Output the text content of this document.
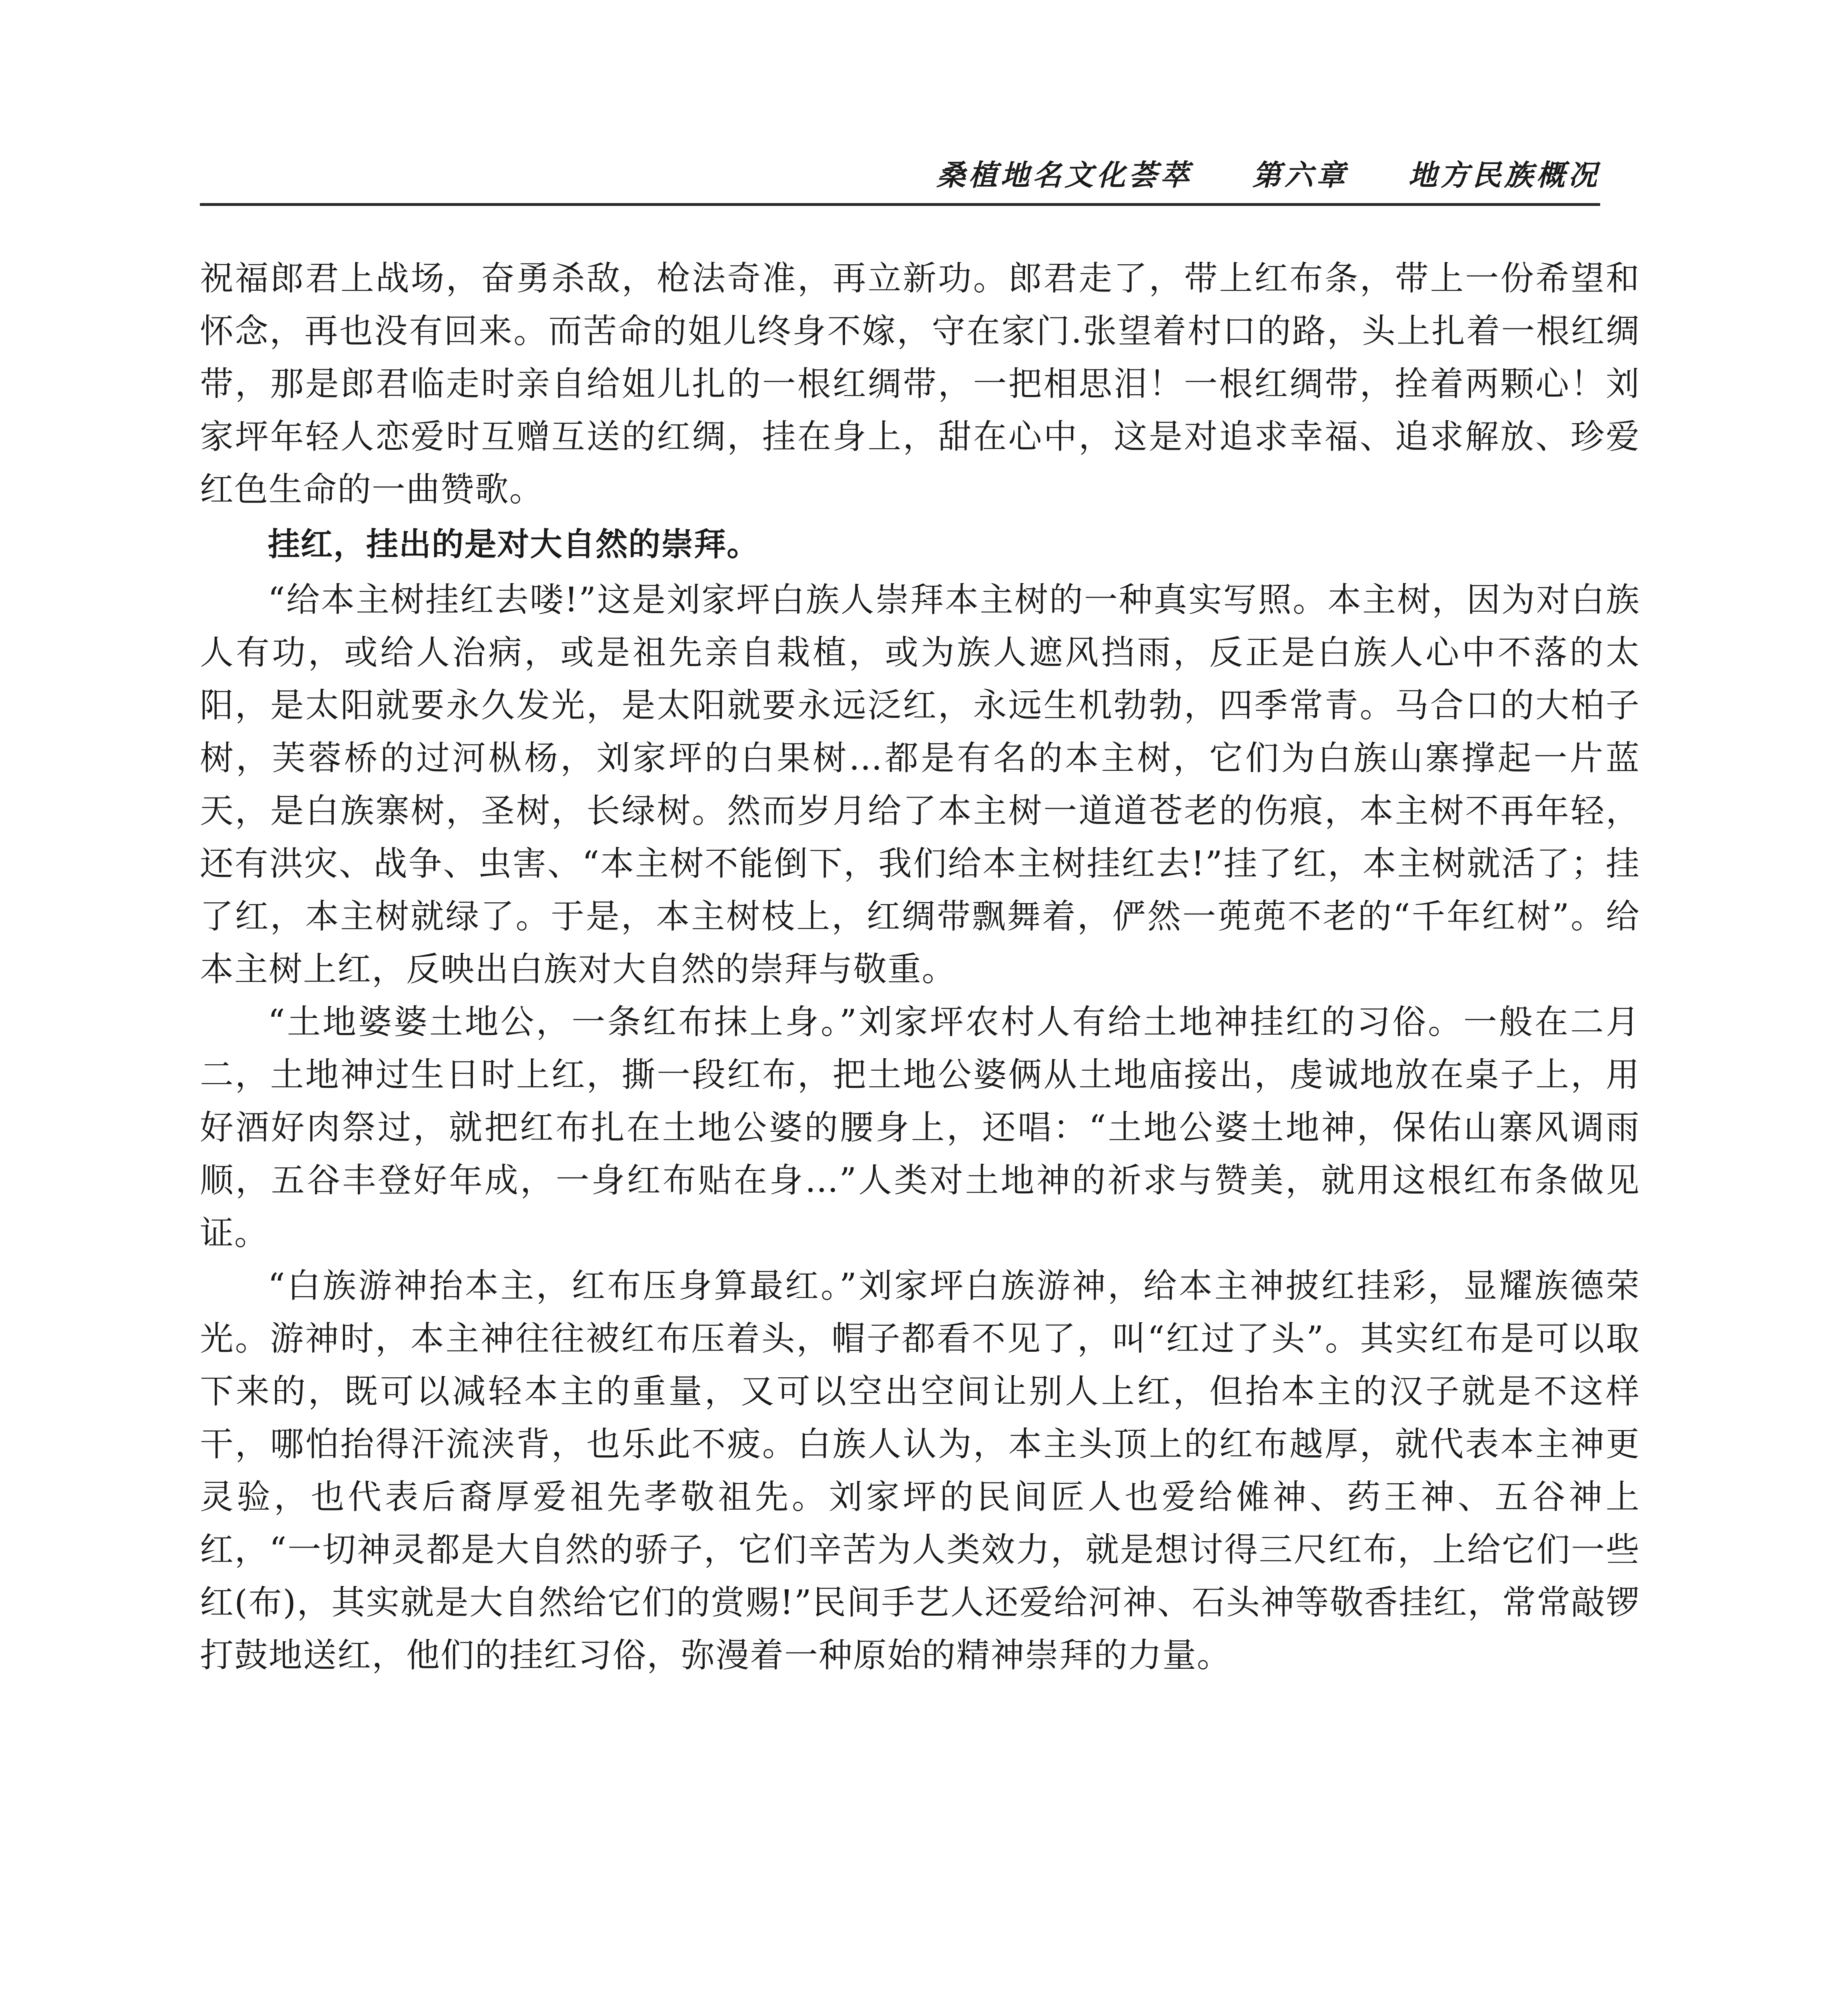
桑植地名文化荟萃 第六章 地方民族概况

祝福郎君上战场，奋勇杀敌，枪法奇准，再立新功。郎君走了，带上红布条，带上一份希望和怀念，再也没有回来。而苦命的姐儿终身不嫁，守在家门.张望着村口的路，头上扎着一根红绸带，那是郎君临走时亲自给姐儿扎的一根红绸带，一把相思泪！一根红绸带，拴着两颗心！刘家坪年轻人恋爱时互赠互送的红绸，挂在身上，甜在心中，这是对追求幸福、追求解放、珍爱红色生命的一曲赞歌。

挂红，挂出的是对大自然的崇拜。

“给本主树挂红去喽!”这是刘家坪白族人崇拜本主树的一种真实写照。本主树，因为对白族人有功，或给人治病，或是祖先亲自栽植，或为族人遮风挡雨，反正是白族人心中不落的太阳，是太阳就要永久发光，是太阳就要永远泛红，永远生机勃勃，四季常青。马合口的大柏子树，芙蓉桥的过河枞杨，刘家坪的白果树…都是有名的本主树，它们为白族山寨撑起一片蓝天，是白族寨树，圣树，长绿树。然而岁月给了本主树一道道苍老的伤痕，本主树不再年轻，还有洪灾、战争、虫害、“本主树不能倒下，我们给本主树挂红去!”挂了红，本主树就活了；挂了红，本主树就绿了。于是，本主树枝上，红绸带飘舞着，俨然一蔸蔸不老的“千年红树”。给本主树上红，反映出白族对大自然的崇拜与敬重。

“土地婆婆土地公，一条红布抹上身。”刘家坪农村人有给土地神挂红的习俗。一般在二月二，土地神过生日时上红，撕一段红布，把土地公婆俩从土地庙接出，虔诚地放在桌子上，用好酒好肉祭过，就把红布扎在土地公婆的腰身上，还唱：“土地公婆土地神，保佑山寨风调雨顺，五谷丰登好年成，一身红布贴在身…”人类对土地神的祈求与赞美，就用这根红布条做见证。

“白族游神抬本主，红布压身算最红。”刘家坪白族游神，给本主神披红挂彩，显耀族德荣光。游神时，本主神往往被红布压着头，帽子都看不见了，叫“红过了头”。其实红布是可以取下来的，既可以减轻本主的重量，又可以空出空间让别人上红，但抬本主的汉子就是不这样干，哪怕抬得汗流浃背，也乐此不疲。白族人认为，本主头顶上的红布越厚，就代表本主神更灵验，也代表后裔厚爱祖先孝敬祖先。刘家坪的民间匠人也爱给傩神、药王神、五谷神上红，“一切神灵都是大自然的骄子，它们辛苦为人类效力，就是想讨得三尺红布，上给它们一些红(布)，其实就是大自然给它们的赏赐!”民间手艺人还爱给河神、石头神等敬香挂红，常常敲锣打鼓地送红，他们的挂红习俗，弥漫着一种原始的精神崇拜的力量。
